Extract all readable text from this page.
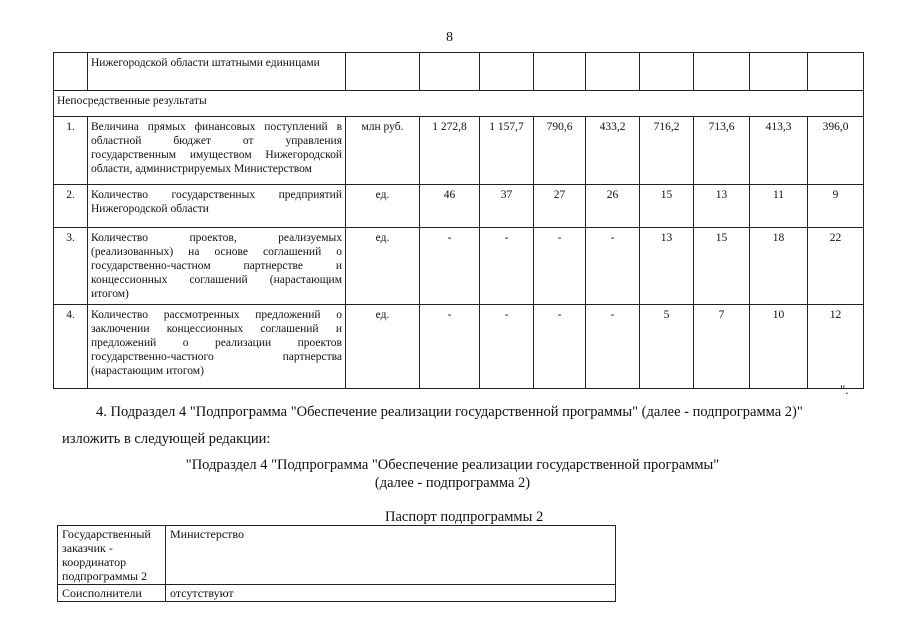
8
	Нижегородской области штатными единицами									
Непосредственные результаты										
1.	Величина прямых финансовых поступлений в областной бюджет от управления государственным имуществом Нижегородской области, администрируемых Министерством	млн руб.	1 272,8	1 157,7	790,6	433,2	716,2	713,6	413,3	396,0
2.	Количество государственных предприятий Нижегородской области	ед.	46	37	27	26	15	13	11	9
3.	Количество проектов, реализуемых (реализованных) на основе соглашений о государственно-частном партнерстве и концессионных соглашений (нарастающим итогом)	ед.	-	-	-	-	13	15	18	22
4.	Количество рассмотренных предложений о заключении концессионных соглашений и предложений о реализации проектов государственно-частного партнерства (нарастающим итогом)	ед.	-	-	-	-	5	7	10	12
".
4. Подраздел 4 "Подпрограмма "Обеспечение реализации государственной программы" (далее - подпрограмма 2)"
изложить в следующей редакции:
"Подраздел 4 "Подпрограмма "Обеспечение реализации государственной программы"
(далее - подпрограмма 2)
Паспорт подпрограммы 2
Государственный заказчик - координатор подпрограммы 2	Министерство
Соисполнители	отсутствуют
